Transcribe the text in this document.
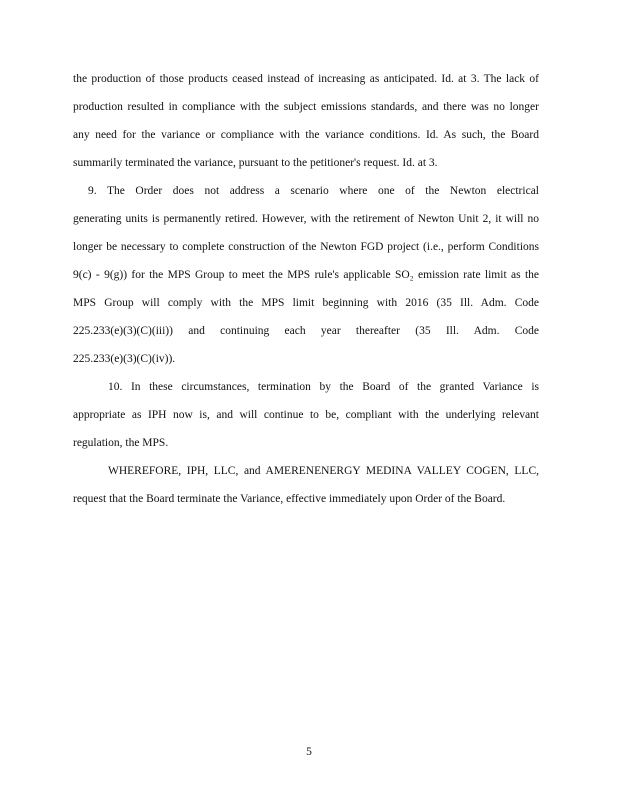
the production of those products ceased instead of increasing as anticipated. Id. at 3. The lack of
production resulted in compliance with the subject emissions standards, and there was no longer
any need for the variance or compliance with the variance conditions. Id. As such, the Board
summarily terminated the variance, pursuant to the petitioner's request. Id. at 3.
9. The Order does not address a scenario where one of the Newton electrical
generating units is permanently retired. However, with the retirement of Newton Unit 2, it will no
longer be necessary to complete construction of the Newton FGD project (i.e., perform Conditions
9(c) - 9(g)) for the MPS Group to meet the MPS rule's applicable SO₂ emission rate limit as the
MPS Group will comply with the MPS limit beginning with 2016 (35 Ill. Adm. Code
225.233(e)(3)(C)(iii)) and continuing each year thereafter (35 Ill. Adm. Code
225.233(e)(3)(C)(iv)).
10. In these circumstances, termination by the Board of the granted Variance is
appropriate as IPH now is, and will continue to be, compliant with the underlying relevant
regulation, the MPS.
WHEREFORE, IPH, LLC, and AMERENENERGY MEDINA VALLEY COGEN, LLC,
request that the Board terminate the Variance, effective immediately upon Order of the Board.
5
